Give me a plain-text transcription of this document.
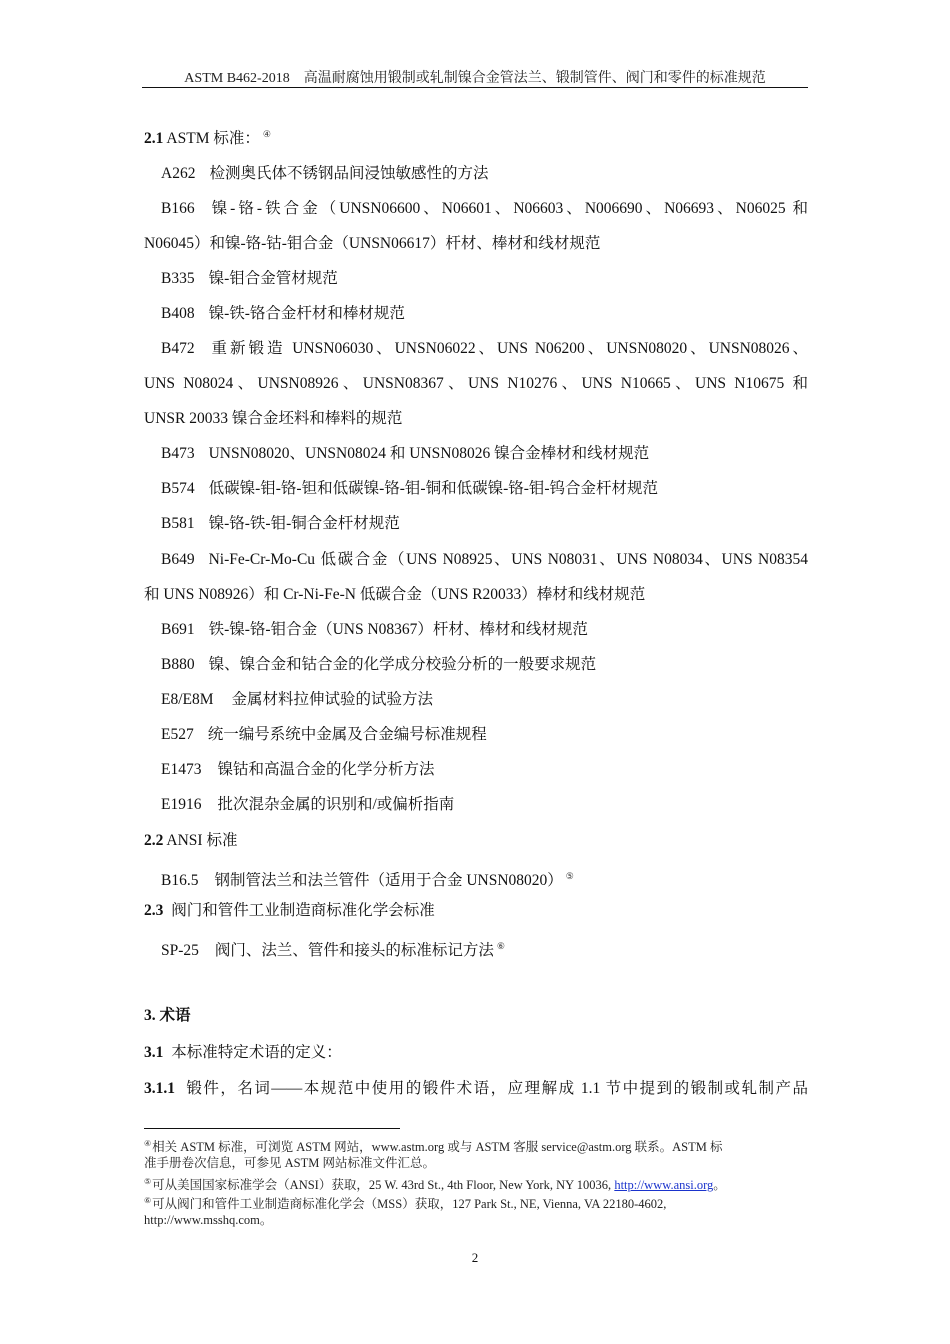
ASTM B462-2018　高温耐腐蚀用锻制或轧制镍合金管法兰、锻制管件、阀门和零件的标准规范
2.1 ASTM 标准： ④
A262 检测奥氏体不锈钢品间浸蚀敏感性的方法
B166 镍-铬-铁合金（UNSN06600、N06601、N06603、N006690、N06693、N06025 和
N06045）和镍-铬-钴-钼合金（UNSN06617）杆材、棒材和线材规范
B335 镍-钼合金管材规范
B408 镍-铁-铬合金杆材和棒材规范
B472 重新锻造 UNSN06030、UNSN06022、UNS N06200、UNSN08020、UNSN08026、
UNS N08024、UNSN08926、UNSN08367、UNS N10276、UNS N10665、UNS N10675 和
UNSR 20033 镍合金坯料和棒料的规范
B473 UNSN08020、UNSN08024 和 UNSN08026 镍合金棒材和线材规范
B574 低碳镍-钼-铬-钽和低碳镍-铬-钼-铜和低碳镍-铬-钼-钨合金杆材规范
B581 镍-铬-铁-钼-铜合金杆材规范
B649 Ni-Fe-Cr-Mo-Cu 低碳合金（UNS N08925、UNS N08031、UNS N08034、UNS N08354
和 UNS N08926）和 Cr-Ni-Fe-N 低碳合金（UNS R20033）棒材和线材规范
B691 铁-镍-铬-钼合金（UNS N08367）杆材、棒材和线材规范
B880 镍、镍合金和钴合金的化学成分校验分析的一般要求规范
E8/E8M 金属材料拉伸试验的试验方法
E527 统一编号系统中金属及合金编号标准规程
E1473 镍钴和高温合金的化学分析方法
E1916 批次混杂金属的识别和/或偏析指南
2.2 ANSI 标准
B16.5 钢制管法兰和法兰管件（适用于合金 UNSN08020） ⑤
2.3 阀门和管件工业制造商标准化学会标准
SP-25 阀门、法兰、管件和接头的标准标记方法 ⑥
3. 术语
3.1 本标准特定术语的定义：
3.1.1 锻件，名词——本规范中使用的锻件术语，应理解成 1.1 节中提到的锻制或轧制产品
④相关 ASTM 标准，可浏览 ASTM 网站，www.astm.org 或与 ASTM 客服 service@astm.org 联系。ASTM 标
准手册卷次信息，可参见 ASTM 网站标准文件汇总。
⑤可从美国国家标准学会（ANSI）获取，25 W. 43rd St., 4th Floor, New York, NY 10036, http://www.ansi.org。
⑥可从阀门和管件工业制造商标准化学会（MSS）获取，127 Park St., NE, Vienna, VA 22180-4602,
http://www.msshq.com。
2
